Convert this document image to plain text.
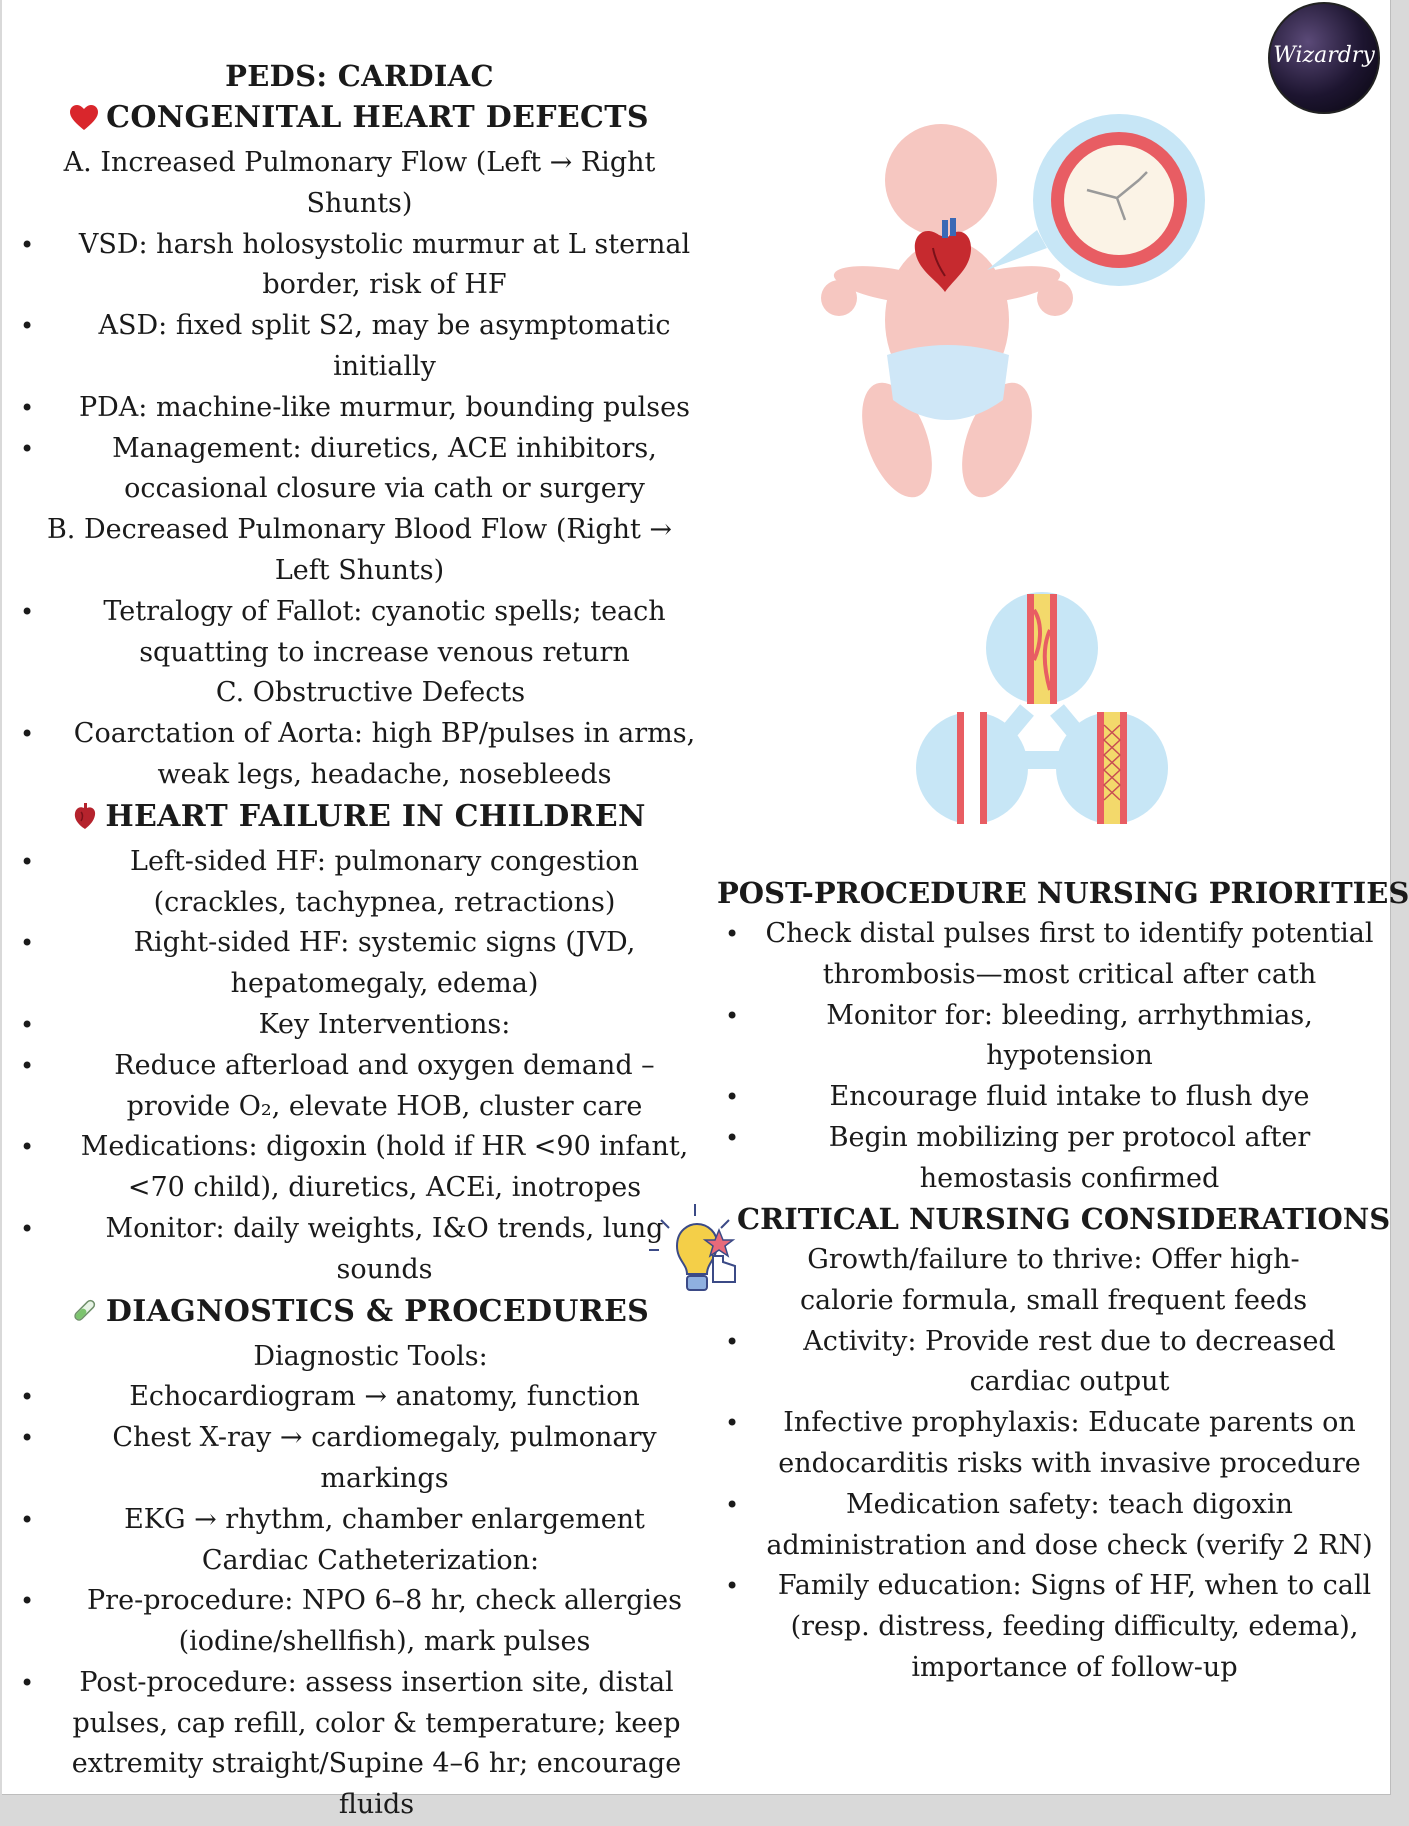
PEDS: CARDIAC
CONGENITAL HEART DEFECTS
A. Increased Pulmonary Flow (Left → Right Shunts)
• VSD: harsh holosystolic murmur at L sternal border, risk of HF
• ASD: fixed split S2, may be asymptomatic initially
• PDA: machine-like murmur, bounding pulses
• Management: diuretics, ACE inhibitors, occasional closure via cath or surgery
B. Decreased Pulmonary Blood Flow (Right → Left Shunts)
• Tetralogy of Fallot: cyanotic spells; teach squatting to increase venous return
C. Obstructive Defects
• Coarctation of Aorta: high BP/pulses in arms, weak legs, headache, nosebleeds
HEART FAILURE IN CHILDREN
• Left-sided HF: pulmonary congestion (crackles, tachypnea, retractions)
• Right-sided HF: systemic signs (JVD, hepatomegaly, edema)
• Key Interventions:
• Reduce afterload and oxygen demand – provide O₂, elevate HOB, cluster care
• Medications: digoxin (hold if HR <90 infant, <70 child), diuretics, ACEi, inotropes
• Monitor: daily weights, I&O trends, lung sounds
DIAGNOSTICS & PROCEDURES
Diagnostic Tools:
• Echocardiogram → anatomy, function
• Chest X-ray → cardiomegaly, pulmonary markings
• EKG → rhythm, chamber enlargement
Cardiac Catheterization:
• Pre-procedure: NPO 6–8 hr, check allergies (iodine/shellfish), mark pulses
• Post-procedure: assess insertion site, distal pulses, cap refill, color & temperature; keep extremity straight/Supine 4–6 hr; encourage fluids
Wizardry
POST-PROCEDURE NURSING PRIORITIES
• Check distal pulses first to identify potential thrombosis—most critical after cath
• Monitor for: bleeding, arrhythmias, hypotension
• Encourage fluid intake to flush dye
• Begin mobilizing per protocol after hemostasis confirmed
CRITICAL NURSING CONSIDERATIONS
Growth/failure to thrive: Offer high-calorie formula, small frequent feeds
• Activity: Provide rest due to decreased cardiac output
• Infective prophylaxis: Educate parents on endocarditis risks with invasive procedure
• Medication safety: teach digoxin administration and dose check (verify 2 RN)
• Family education: Signs of HF, when to call (resp. distress, feeding difficulty, edema), importance of follow-up
